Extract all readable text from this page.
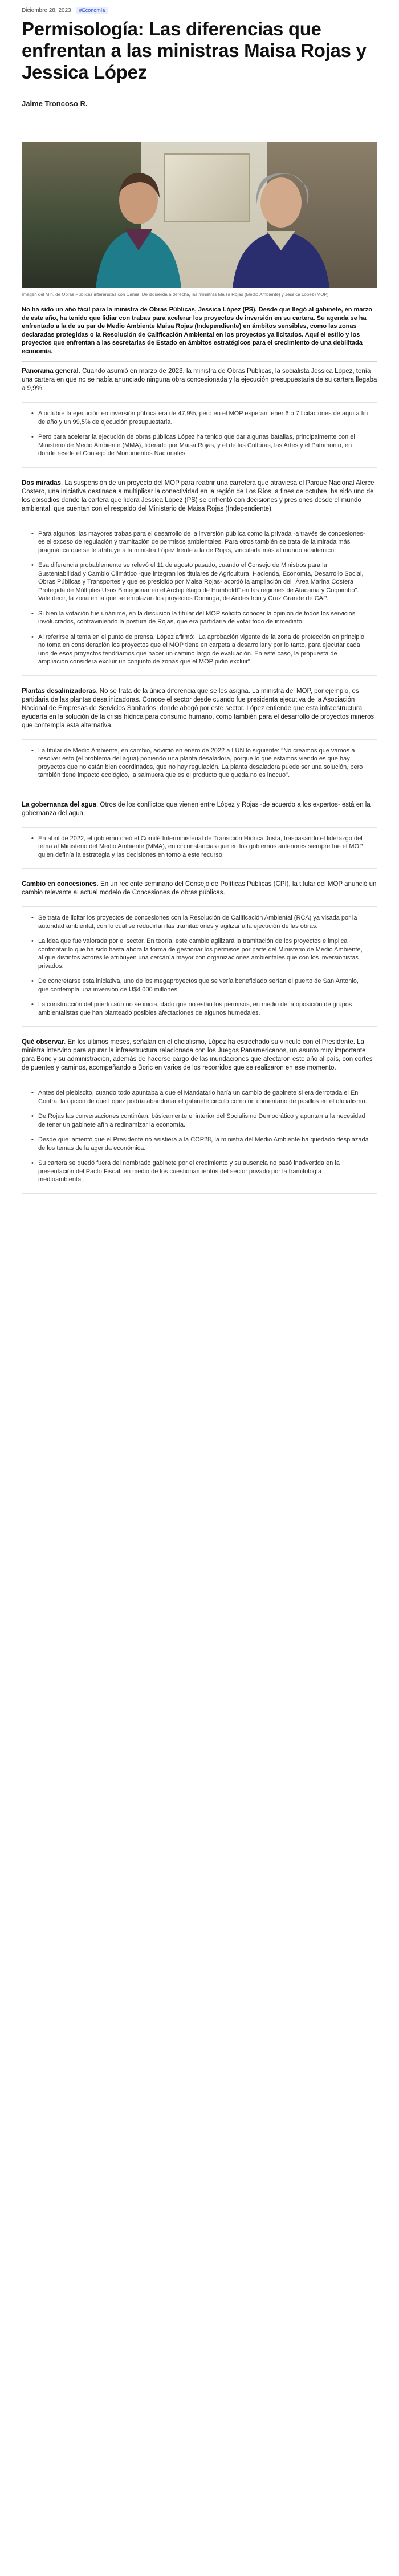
Diciembre 28, 2023	#Economía
Permisología: Las diferencias que enfrentan a las ministras Maisa Rojas y Jessica López
Jaime Troncoso R.
Imagen del Min. de Obras Públicas interanutas con Camis. De izquierda a derecha, las ministras Maisa Rojas (Medio Ambiente) y Jessica López (MOP)
No ha sido un año fácil para la ministra de Obras Públicas, Jessica López (PS). Desde que llegó al gabinete, en marzo de este año, ha tenido que lidiar con trabas para acelerar los proyectos de inversión en su cartera. Su agenda se ha enfrentado a la de su par de Medio Ambiente Maisa Rojas (Independiente) en ámbitos sensibles, como las zonas declaradas protegidas o la Resolución de Calificación Ambiental en los proyectos ya licitados. Aquí el estilo y los proyectos que enfrentan a las secretarias de Estado en ámbitos estratégicos para el crecimiento de una debilitada economía.

Panorama general. Cuando asumió en marzo de 2023, la ministra de Obras Públicas, la socialista Jessica López, tenía una cartera en que no se había anunciado ninguna obra concesionada y la ejecución presupuestaria de su cartera llegaba a 9,9%.

• A octubre la ejecución en inversión pública era de 47,9%, pero en el MOP esperan tener 6 o 7 licitaciones de aquí a fin de año y un 99,5% de ejecución presupuestaria.
• Pero para acelerar la ejecución de obras públicas López ha tenido que dar algunas batallas, principalmente con el Ministerio de Medio Ambiente (MMA), liderado por Maisa Rojas, y el de las Culturas, las Artes y el Patrimonio, en donde reside el Consejo de Monumentos Nacionales.

Dos miradas. La suspensión de un proyecto del MOP para reabrir una carretera que atraviesa el Parque Nacional Alerce Costero, una iniciativa destinada a multiplicar la conectividad en la región de Los Ríos, a fines de octubre, ha sido uno de los episodios donde la cartera que lidera Jessica López (PS) se enfrentó con decisiones y presiones desde el mundo ambiental, que cuentan con el respaldo del Ministerio de Maisa Rojas (Independiente).

• Para algunos, las mayores trabas para el desarrollo de la inversión pública como la privada -a través de concesiones- es el exceso de regulación y tramitación de permisos ambientales. Para otros también se trata de la mirada más pragmática que se le atribuye a la ministra López frente a la de Rojas, vinculada más al mundo académico.
• Esa diferencia probablemente se relevó el 11 de agosto pasado, cuando el Consejo de Ministros para la Sustentabilidad y Cambio Climático -que integran los titulares de Agricultura, Hacienda, Economía, Desarrollo Social, Obras Públicas y Transportes y que es presidido por Maisa Rojas- acordó la ampliación del "Área Marina Costera Protegida de Múltiples Usos Bimegionar en el Archipiélago de Humboldt" en las regiones de Atacama y Coquimbo". Vale decir, la zona en la que se emplazan los proyectos Dominga, de Andes Iron y Cruz Grande de CAP.
• Si bien la votación fue unánime, en la discusión la titular del MOP solicitó conocer la opinión de todos los servicios involucrados, contraviniendo la postura de Rojas, que era partidaria de votar todo de inmediato.
• Al referirse al tema en el punto de prensa, López afirmó: "La aprobación vigente de la zona de protección en principio no toma en consideración los proyectos que el MOP tiene en carpeta a desarrollar y por lo tanto, para ejecutar cada uno de esos proyectos tendríamos que hacer un camino largo de evaluación. En este caso, la propuesta de ampliación considera excluir un conjunto de zonas que el MOP pidió excluir".

Plantas desalinizadoras. No se trata de la única diferencia que se les asigna. La ministra del MOP, por ejemplo, es partidaria de las plantas desalinizadoras. Conoce el sector desde cuando fue presidenta ejecutiva de la Asociación Nacional de Empresas de Servicios Sanitarios, donde abogó por este sector. López entiende que esta infraestructura ayudaría en la solución de la crisis hídrica para consumo humano, como también para el desarrollo de proyectos mineros que contempla esta alternativa.

• La titular de Medio Ambiente, en cambio, advirtió en enero de 2022 a LUN lo siguiente: "No creamos que vamos a resolver esto (el problema del agua) poniendo una planta desaladora, porque lo que estamos viendo es que hay proyectos que no están bien coordinados, que no hay regulación. La planta desaladora puede ser una solución, pero también tiene impacto ecológico, la salmuera que es el producto que queda no es inocuo".

La gobernanza del agua. Otros de los conflictos que vienen entre López y Rojas -de acuerdo a los expertos- está en la gobernanza del agua.

• En abril de 2022, el gobierno creó el Comité Interministerial de Transición Hídrica Justa, traspasando el liderazgo del tema al Ministerio del Medio Ambiente (MMA), en circunstancias que en los gobiernos anteriores siempre fue el MOP quien definía la estrategia y las decisiones en torno a este recurso.

Cambio en concesiones. En un reciente seminario del Consejo de Políticas Públicas (CPI), la titular del MOP anunció un cambio relevante al actual modelo de Concesiones de obras públicas.

• Se trata de licitar los proyectos de concesiones con la Resolución de Calificación Ambiental (RCA) ya visada por la autoridad ambiental, con lo cual se reducirían las tramitaciones y agilizaría la ejecución de las obras.
• La idea que fue valorada por el sector. En teoría, este cambio agilizará la tramitación de los proyectos e implica confrontar lo que ha sido hasta ahora la forma de gestionar los permisos por parte del Ministerio de Medio Ambiente, al que distintos actores le atribuyen una cercanía mayor con organizaciones ambientales que con los inversionistas privados.
• De concretarse esta iniciativa, uno de los megaproyectos que se vería beneficiado serían el puerto de San Antonio, que contempla una inversión de U$4.000 millones.
• La construcción del puerto aún no se inicia, dado que no están los permisos, en medio de la oposición de grupos ambientalistas que han planteado posibles afectaciones de algunos humedales.

Qué observar. En los últimos meses, señalan en el oficialismo, López ha estrechado su vínculo con el Presidente. La ministra intervino para apurar la infraestructura relacionada con los Juegos Panamericanos, un asunto muy importante para Boric y su administración, además de hacerse cargo de las inundaciones que afectaron este año al país, con cortes de puentes y caminos, acompañando a Boric en varios de los recorridos que se realizaron en ese momento.

• Antes del plebiscito, cuando todo apuntaba a que el Mandatario haría un cambio de gabinete si era derrotada el En Contra, la opción de que López podría abandonar el gabinete circuló como un comentario de pasillos en el oficialismo.
• De Rojas las conversaciones continúan, básicamente el interior del Socialismo Democrático y apuntan a la necesidad de tener un gabinete afín a redinamizar la economía.
• Desde que lamentó que el Presidente no asistiera a la COP28, la ministra del Medio Ambiente ha quedado desplazada de los temas de la agenda económica.
• Su cartera se quedó fuera del nombrado gabinete por el crecimiento y su ausencia no pasó inadvertida en la presentación del Pacto Fiscal, en medio de los cuestionamientos del sector privado por la tramitología medioambiental.
